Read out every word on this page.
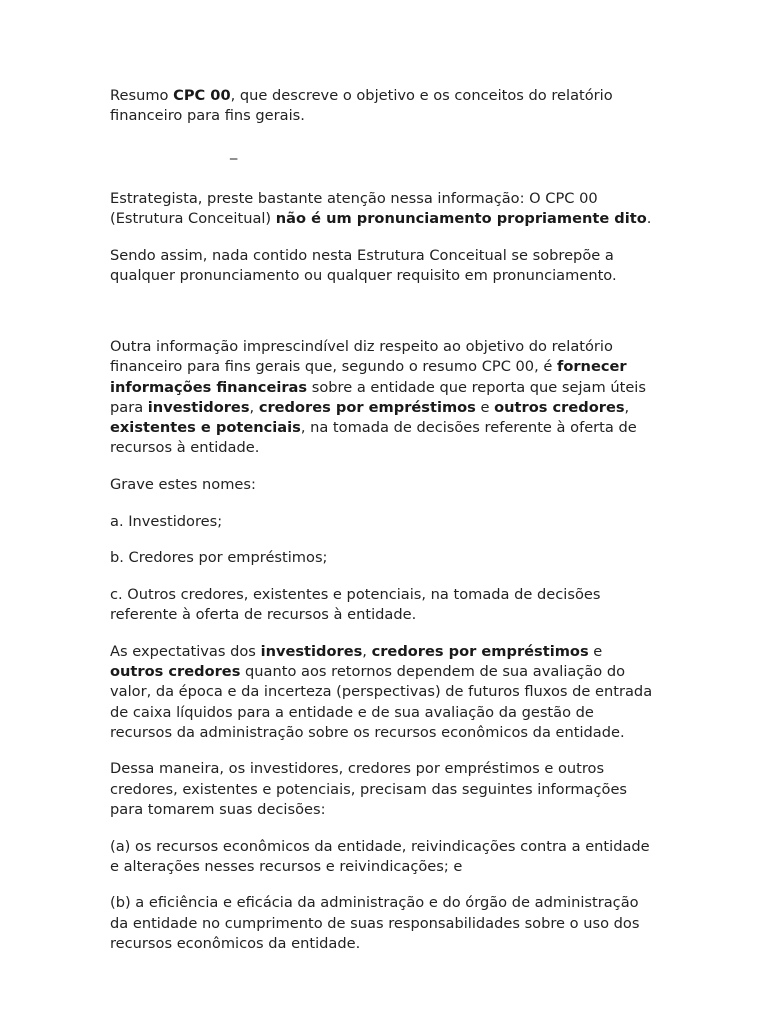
Resumo CPC 00, que descreve o objetivo e os conceitos do relatório financeiro para fins gerais.

_

Estrategista, preste bastante atenção nessa informação: O CPC 00 (Estrutura Conceitual) não é um pronunciamento propriamente dito.

Sendo assim, nada contido nesta Estrutura Conceitual se sobrepõe a qualquer pronunciamento ou qualquer requisito em pronunciamento.

Outra informação imprescindível diz respeito ao objetivo do relatório financeiro para fins gerais que, segundo o resumo CPC 00, é fornecer informações financeiras sobre a entidade que reporta que sejam úteis para investidores, credores por empréstimos e outros credores, existentes e potenciais, na tomada de decisões referente à oferta de recursos à entidade.

Grave estes nomes:

a. Investidores;

b. Credores por empréstimos;

c. Outros credores, existentes e potenciais, na tomada de decisões referente à oferta de recursos à entidade.

As expectativas dos investidores, credores por empréstimos e outros credores quanto aos retornos dependem de sua avaliação do valor, da época e da incerteza (perspectivas) de futuros fluxos de entrada de caixa líquidos para a entidade e de sua avaliação da gestão de recursos da administração sobre os recursos econômicos da entidade.

Dessa maneira, os investidores, credores por empréstimos e outros credores, existentes e potenciais, precisam das seguintes informações para tomarem suas decisões:

(a) os recursos econômicos da entidade, reivindicações contra a entidade e alterações nesses recursos e reivindicações; e

(b) a eficiência e eficácia da administração e do órgão de administração da entidade no cumprimento de suas responsabilidades sobre o uso dos recursos econômicos da entidade.
